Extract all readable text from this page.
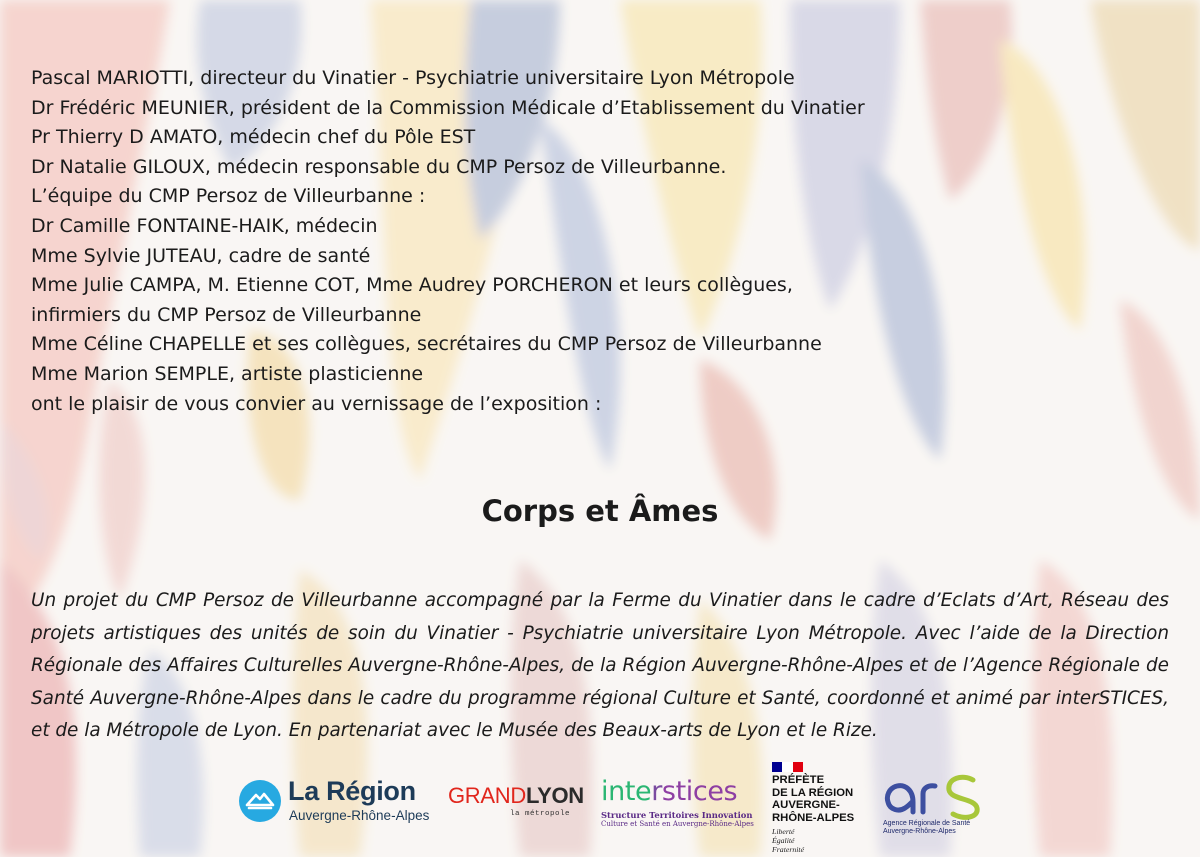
Pascal MARIOTTI, directeur du Vinatier - Psychiatrie universitaire Lyon Métropole
Dr Frédéric MEUNIER, président de la Commission Médicale d’Etablissement du Vinatier
Pr Thierry D AMATO, médecin chef du Pôle EST
Dr Natalie GILOUX, médecin responsable du CMP Persoz de Villeurbanne.
L’équipe du CMP Persoz de Villeurbanne :
Dr Camille FONTAINE-HAIK, médecin
Mme Sylvie JUTEAU, cadre de santé
Mme Julie CAMPA, M. Etienne COT, Mme Audrey PORCHERON et leurs collègues,
infirmiers du CMP Persoz de Villeurbanne
Mme Céline CHAPELLE et ses collègues, secrétaires du CMP Persoz de Villeurbanne
Mme Marion SEMPLE, artiste plasticienne
ont le plaisir de vous convier au vernissage de l’exposition :
Corps et Âmes
Un projet du CMP Persoz de Villeurbanne accompagné par la Ferme du Vinatier dans le cadre d’Eclats d’Art, Réseau des projets artistiques des unités de soin du Vinatier - Psychiatrie universitaire Lyon Métropole. Avec l’aide de la Direction Régionale des Affaires Culturelles Auvergne-Rhône-Alpes, de la Région Auvergne-Rhône-Alpes et de l’Agence Régionale de Santé Auvergne-Rhône-Alpes dans le cadre du programme régional Culture et Santé, coordonné et animé par interSTICES, et de la Métropole de Lyon. En partenariat avec le Musée des Beaux-arts de Lyon et le Rize.
La Région
Auvergne-Rhône-Alpes
GRANDLYON
la métropole
interstices
Structure Territoires Innovation
Culture et Santé en Auvergne-Rhône-Alpes
PRÉFÈTE
DE LA RÉGION
AUVERGNE-
RHÔNE-ALPES
Liberté
Égalité
Fraternité
Agence Régionale de Santé
Auvergne-Rhône-Alpes
